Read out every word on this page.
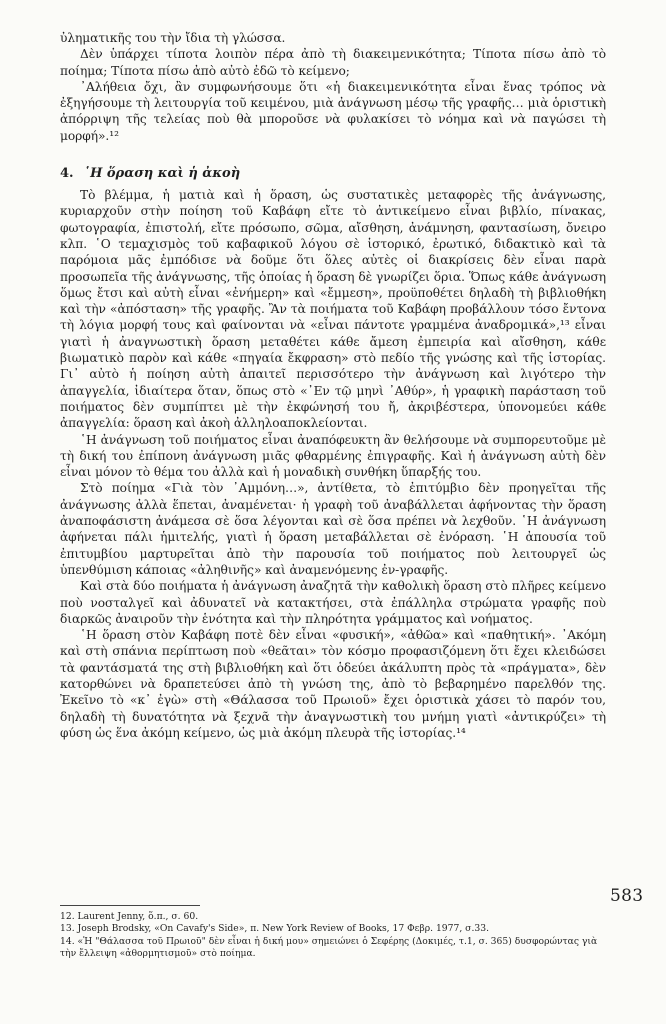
ὐληματικῆς του τὴν ἴδια τὴ γλώσσα.

Δὲν ὑπάρχει τίποτα λοιπὸν πέρα ἀπὸ τὴ διακειμενικότητα; Τίποτα πίσω ἀπὸ τὸ ποίημα; Τίποτα πίσω ἀπὸ αὐτὸ ἐδῶ τὸ κείμενο;

᾽Αλήθεια ὄχι, ἂν συμφωνήσουμε ὅτι «ἡ διακειμενικότητα εἶναι ἕνας τρόπος νὰ ἐξηγήσουμε τὴ λειτουργία τοῦ κειμένου, μιὰ ἀνάγνωση μέσῳ τῆς γραφῆς… μιὰ ὁριστικὴ ἀπόρριψη τῆς τελείας ποὺ θὰ μποροῦσε νὰ φυλακίσει τὸ νόημα καὶ νὰ παγώσει τὴ μορφή».¹²

4. ῾Η ὅραση καὶ ἡ ἀκοὴ

Τὸ βλέμμα, ἡ ματιὰ καὶ ἡ ὅραση, ὡς συστατικὲς μεταφορὲς τῆς ἀνάγνωσης, κυριαρχοῦν στὴν ποίηση τοῦ Καβάφη εἴτε τὸ ἀντικείμενο εἶναι βιβλίο, πίνακας, φωτογραφία, ἐπιστολή, εἴτε πρόσωπο, σῶμα, αἴσθηση, ἀνάμνηση, φαντασίωση, ὄνειρο κλπ. ῾Ο τεμαχισμὸς τοῦ καβαφικοῦ λόγου σὲ ἱστορικό, ἐρωτικό, διδακτικὸ καὶ τὰ παρόμοια μᾶς ἐμπόδισε νὰ δοῦμε ὅτι ὅλες αὐτὲς οἱ διακρίσεις δὲν εἶναι παρὰ προσωπεῖα τῆς ἀνάγνωσης, τῆς ὁποίας ἡ ὅραση δὲ γνωρίζει ὅρια. Ὅπως κάθε ἀνάγνωση ὅμως ἔτσι καὶ αὐτὴ εἶναι «ἐνήμερη» καὶ «ἔμμεση», προϋποθέτει δηλαδὴ τὴ βιβλιοθήκη καὶ τὴν «ἀπόσταση» τῆς γραφῆς. Ἂν τὰ ποιήματα τοῦ Καβάφη προβάλλουν τόσο ἔντονα τὴ λόγια μορφή τους καὶ φαίνονται νὰ «εἶναι πάντοτε γραμμένα ἀναδρομικά»,¹³ εἶναι γιατὶ ἡ ἀναγνωστικὴ ὅραση μεταθέτει κάθε ἄμεση ἐμπειρία καὶ αἴσθηση, κάθε βιωματικὸ παρὸν καὶ κάθε «πηγαία ἔκφραση» στὸ πεδίο τῆς γνώσης καὶ τῆς ἱστορίας. Γι᾽ αὐτὸ ἡ ποίηση αὐτὴ ἀπαιτεῖ περισσότερο τὴν ἀνάγνωση καὶ λιγότερο τὴν ἀπαγγελία, ἰδιαίτερα ὅταν, ὅπως στὸ «᾽Εν τῷ μηνὶ ᾽Αθύρ», ἡ γραφικὴ παράσταση τοῦ ποιήματος δὲν συμπίπτει μὲ τὴν ἐκφώνησή του ἤ, ἀκριβέστερα, ὑπονομεύει κάθε ἀπαγγελία: ὅραση καὶ ἀκοὴ ἀλληλοαποκλείονται.

῾Η ἀνάγνωση τοῦ ποιήματος εἶναι ἀναπόφευκτη ἂν θελήσουμε νὰ συμπορευτοῦμε μὲ τὴ δική του ἐπίπονη ἀνάγνωση μιᾶς φθαρμένης ἐπιγραφῆς. Καὶ ἡ ἀνάγνωση αὐτὴ δὲν εἶναι μόνον τὸ θέμα του ἀλλὰ καὶ ἡ μοναδικὴ συνθήκη ὕπαρξής του.

Στὸ ποίημα «Γιὰ τὸν ᾽Αμμόνη…», ἀντίθετα, τὸ ἐπιτύμβιο δὲν προηγεῖται τῆς ἀνάγνωσης ἀλλὰ ἕπεται, ἀναμένεται· ἡ γραφὴ τοῦ ἀναβάλλεται ἀφήνοντας τὴν ὅραση ἀναποφάσιστη ἀνάμεσα σὲ ὅσα λέγονται καὶ σὲ ὅσα πρέπει νὰ λεχθοῦν. ῾Η ἀνάγνωση ἀφήνεται πάλι ἡμιτελής, γιατὶ ἡ ὅραση μεταβάλλεται σὲ ἐνόραση. ῾Η ἀπουσία τοῦ ἐπιτυμβίου μαρτυρεῖται ἀπὸ τὴν παρουσία τοῦ ποιήματος ποὺ λειτουργεῖ ὡς ὑπενθύμιση κάποιας «ἀληθινῆς» καὶ ἀναμενόμενης ἐν-γραφῆς.

Καὶ στὰ δύο ποιήματα ἡ ἀνάγνωση ἀναζητᾶ τὴν καθολικὴ ὅραση στὸ πλῆρες κείμενο ποὺ νοσταλγεῖ καὶ ἀδυνατεῖ νὰ κατακτήσει, στὰ ἐπάλληλα στρώματα γραφῆς ποὺ διαρκῶς ἀναιροῦν τὴν ἑνότητα καὶ τὴν πληρότητα γράμματος καὶ νοήματος.

῾Η ὅραση στὸν Καβάφη ποτὲ δὲν εἶναι «φυσική», «ἀθῶα» καὶ «παθητική». ᾽Ακόμη καὶ στὴ σπάνια περίπτωση ποὺ «θεᾶται» τὸν κόσμο προφασιζόμενη ὅτι ἔχει κλειδώσει τὰ φαντάσματά της στὴ βιβλιοθήκη καὶ ὅτι ὁδεύει ἀκάλυπτη πρὸς τὰ «πράγματα», δὲν κατορθώνει νὰ δραπετεύσει ἀπὸ τὴ γνώση της, ἀπὸ τὸ βεβαρημένο παρελθόν της. Ἐκεῖνο τὸ «κ᾽ ἐγὼ» στὴ «Θάλασσα τοῦ Πρωιοῦ» ἔχει ὁριστικὰ χάσει τὸ παρόν του, δηλαδὴ τὴ δυνατότητα νὰ ξεχνᾶ τὴν ἀναγνωστικὴ του μνήμη γιατὶ «ἀντικρύζει» τὴ φύση ὡς ἕνα ἀκόμη κείμενο, ὡς μιὰ ἀκόμη πλευρὰ τῆς ἱστορίας.¹⁴

12. Laurent Jenny, ὅ.π., σ. 60.

13. Joseph Brodsky, «On Cavafy's Side», π. New York Review of Books, 17 Φεβρ. 1977, σ.33.

14. «Ἡ "Θάλασσα τοῦ Πρωιοῦ" δὲν εἶναι ἡ δική μου» σημειώνει ὁ Σεφέρης (Δοκιμές, τ.1, σ. 365) δυσφορώντας γιὰ τὴν ἔλλειψη «ἀθορμητισμοῦ» στὸ ποίημα.

583
